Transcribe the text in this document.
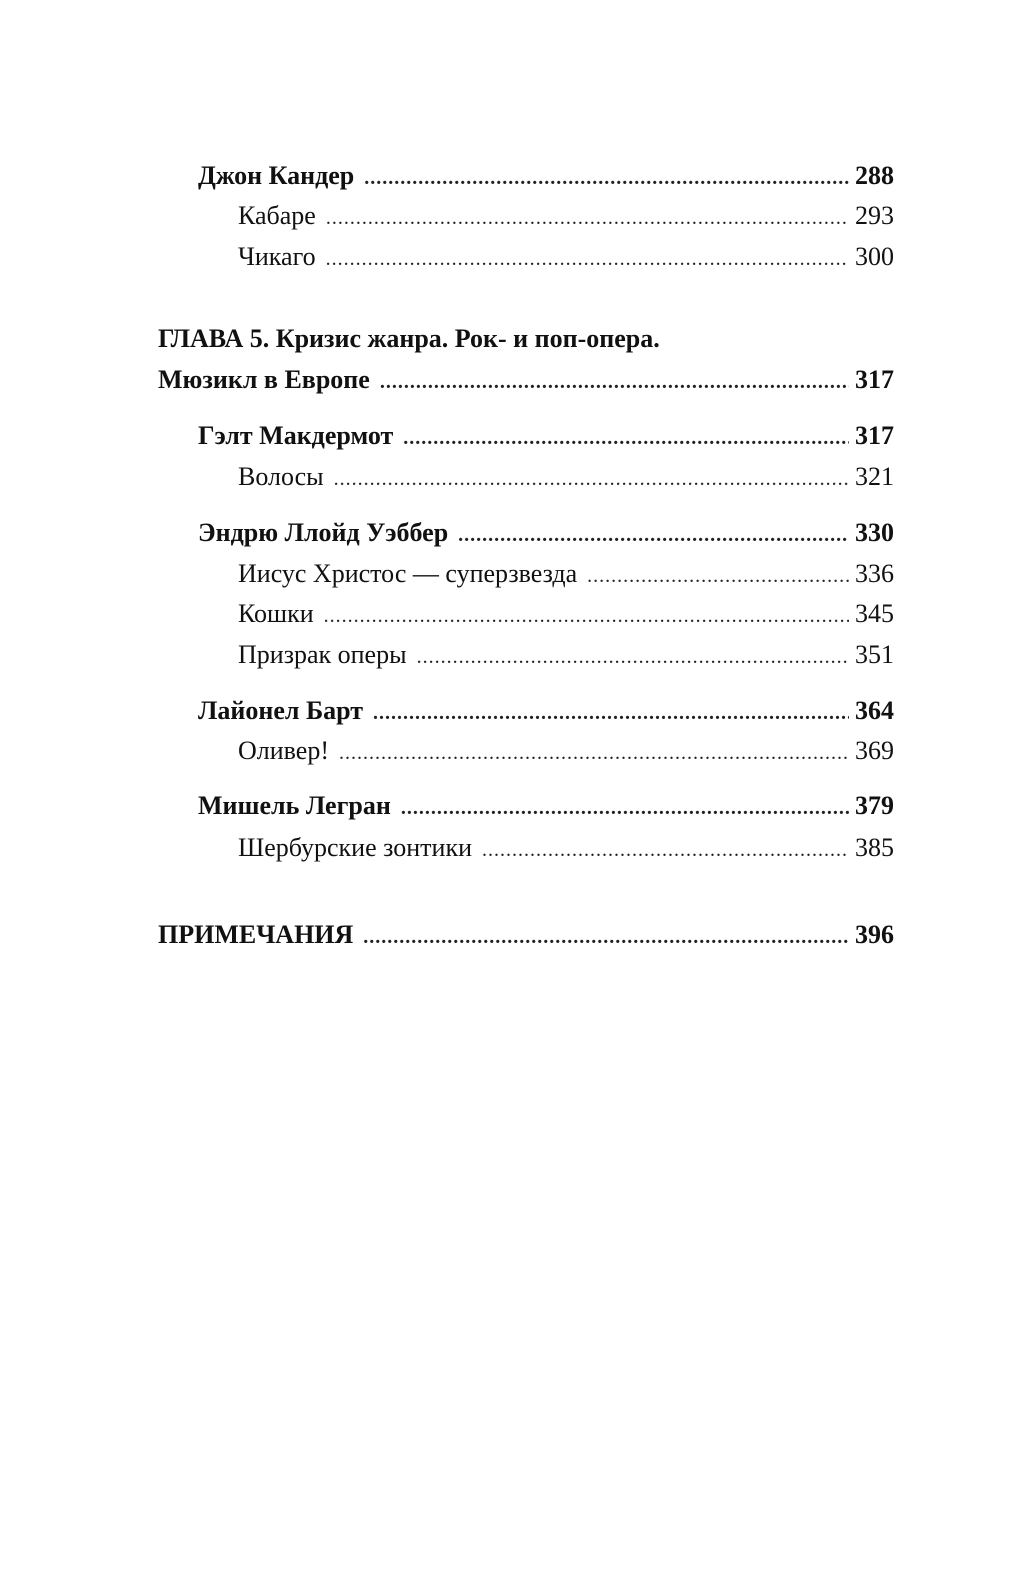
Джон Кандер .....	288
Кабаре .....	293
Чикаго .....	300
ГЛАВА 5. Кризис жанра. Рок- и поп-опера.
Мюзикл в Европе .....	317
Гэлт Макдермот .....	317
Волосы .....	321
Эндрю Ллойд Уэббер .....	330
Иисус Христос — суперзвезда .....	336
Кошки .....	345
Призрак оперы .....	351
Лайонел Барт .....	364
Оливер! .....	369
Мишель Легран .....	379
Шербурские зонтики .....	385
ПРИМЕЧАНИЯ .....	396
